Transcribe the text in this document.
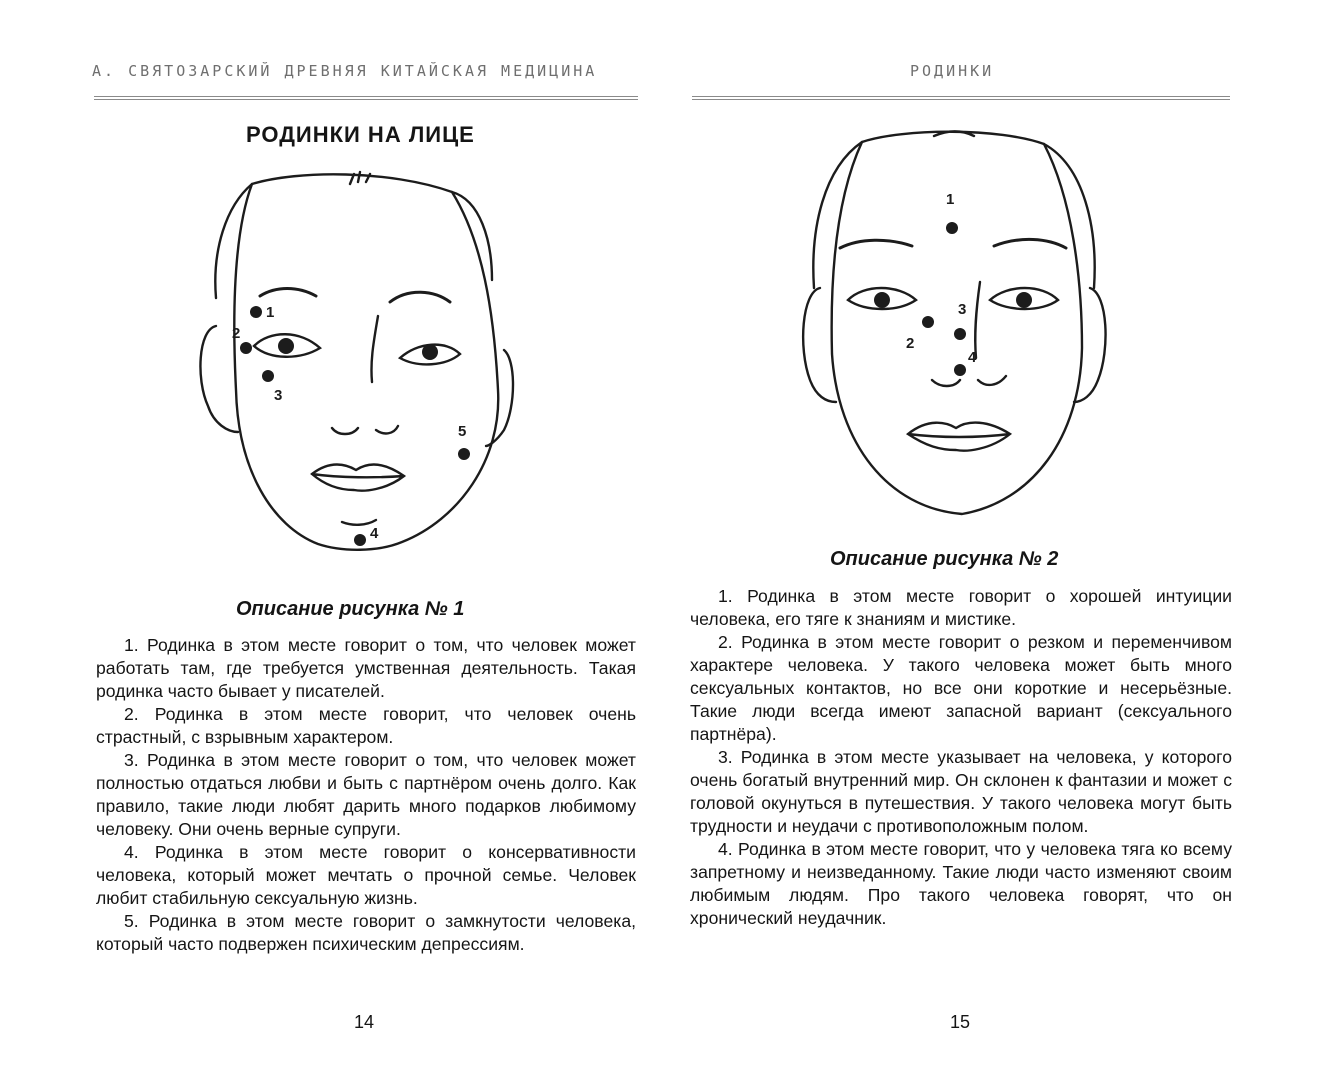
А. СВЯТОЗАРСКИЙ ДРЕВНЯЯ КИТАЙСКАЯ МЕДИЦИНА
РОДИНКИ НА ЛИЦЕ
1
2
3
4
5
Описание рисунка № 1

1. Родинка в этом месте говорит о том, что человек может работать там, где требуется умственная деятельность. Такая родинка часто бывает у писателей.

2. Родинка в этом месте говорит, что человек очень страстный, с взрывным характером.

3. Родинка в этом месте говорит о том, что человек может полностью отдаться любви и быть с партнёром очень долго. Как правило, такие люди любят дарить много подарков любимому человеку. Они очень верные супруги.

4. Родинка в этом месте говорит о консервативности человека, который может мечтать о прочной семье. Человек любит стабильную сексуальную жизнь.

5. Родинка в этом месте говорит о замкнутости человека, который часто подвержен психическим депрессиям.

14
РОДИНКИ
1
2
3
4
Описание рисунка № 2

1. Родинка в этом месте говорит о хорошей интуиции человека, его тяге к знаниям и мистике.

2. Родинка в этом месте говорит о резком и переменчивом характере человека. У такого человека может быть много сексуальных контактов, но все они короткие и несерьёзные. Такие люди всегда имеют запасной вариант (сексуального партнёра).

3. Родинка в этом месте указывает на человека, у которого очень богатый внутренний мир. Он склонен к фантазии и может с головой окунуться в путешествия. У такого человека могут быть трудности и неудачи с противоположным полом.

4. Родинка в этом месте говорит, что у человека тяга ко всему запретному и неизведанному. Такие люди часто изменяют своим любимым людям. Про такого человека говорят, что он хронический неудачник.

15
